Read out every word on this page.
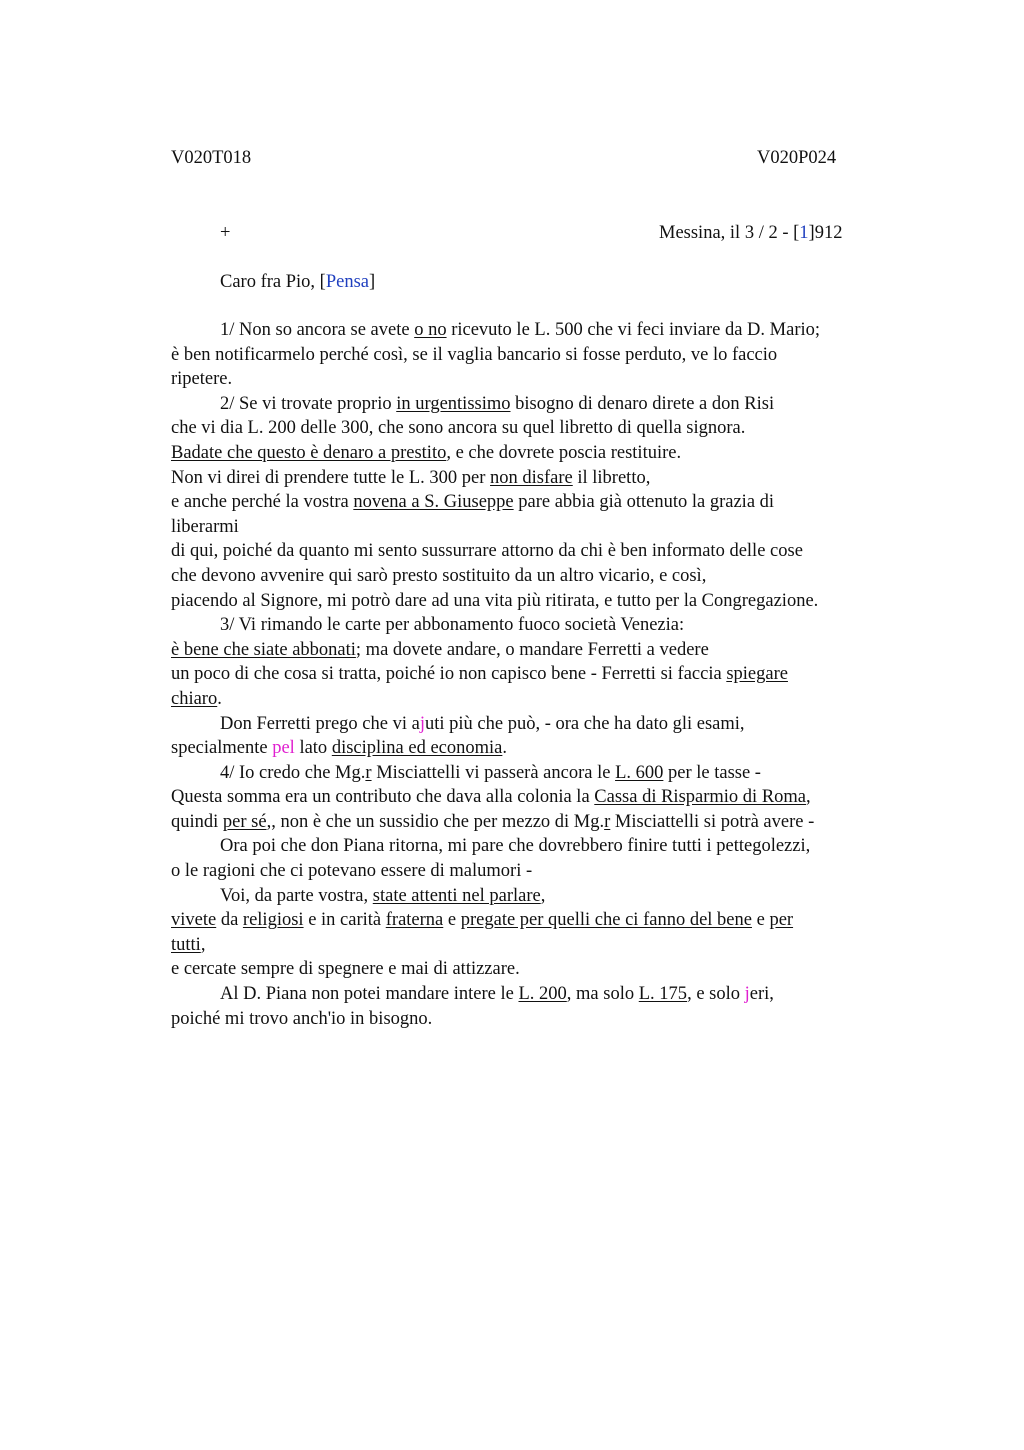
V020T018	V020P024
+	Messina, il 3 / 2 - [1]912
Caro fra Pio, [Pensa]
1/ Non so ancora se avete o no ricevuto le L. 500 che vi feci inviare da D. Mario;
è ben notificarmelo perché così, se il vaglia bancario si fosse perduto, ve lo faccio
ripetere.
2/ Se vi trovate proprio in urgentissimo bisogno di denaro direte a don Risi
che vi dia L. 200 delle 300, che sono ancora su quel libretto di quella signora.
Badate che questo è denaro a prestito, e che dovrete poscia restituire.
Non vi direi di prendere tutte le L. 300 per non disfare il libretto,
e anche perché la vostra novena a S. Giuseppe pare abbia già ottenuto la grazia di
liberarmi
di qui, poiché da quanto mi sento sussurrare attorno da chi è ben informato delle cose
che devono avvenire qui sarò presto sostituito da un altro vicario, e così,
piacendo al Signore, mi potrò dare ad una vita più ritirata, e tutto per la Congregazione.
3/ Vi rimando le carte per abbonamento fuoco società Venezia:
è bene che siate abbonati; ma dovete andare, o mandare Ferretti a vedere
un poco di che cosa si tratta, poiché io non capisco bene - Ferretti si faccia spiegare
chiaro.
Don Ferretti prego che vi ajuti più che può, - ora che ha dato gli esami,
specialmente pel lato disciplina ed economia.
4/ Io credo che Mg.r Misciattelli vi passerà ancora le L. 600 per le tasse -
Questa somma era un contributo che dava alla colonia la Cassa di Risparmio di Roma,
quindi per sé,, non è che un sussidio che per mezzo di Mg.r Misciattelli si potrà avere -
Ora poi che don Piana ritorna, mi pare che dovrebbero finire tutti i pettegolezzi,
o le ragioni che ci potevano essere di malumori -
Voi, da parte vostra, state attenti nel parlare,
vivete da religiosi e in carità fraterna e pregate per quelli che ci fanno del bene e per
tutti,
e cercate sempre di spegnere e mai di attizzare.
Al D. Piana non potei mandare intere le L. 200, ma solo L. 175, e solo jeri,
poiché mi trovo anch'io in bisogno.
